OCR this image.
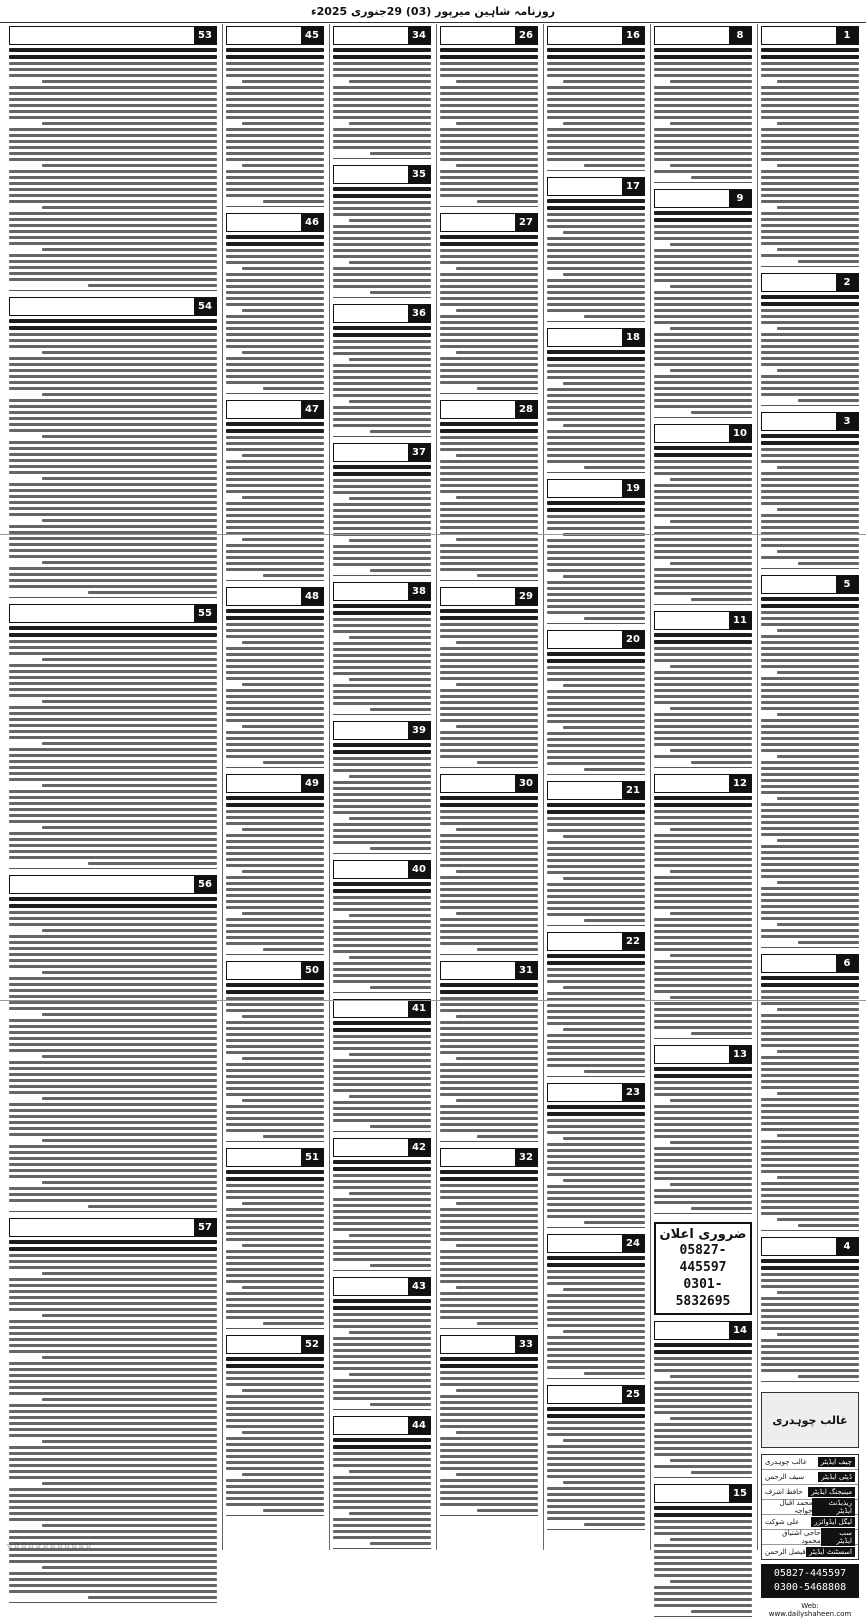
روزنامہ شاہین میرپور (03) 29جنوری 2025ء
1
2
3
5
6
4
غالب چوہدری
چیف ایڈیٹر
غالب چوہدری
ڈپٹی ایڈیٹر
سیف الرحمن
مینیجنگ ایڈیٹر
حافظ اشرف
ریذیڈنٹ ایڈیٹر
محمد اقبال خواجہ
لیگل ایڈوائزر
علی شوکت
سب ایڈیٹر
حاجی اشتیاق محمود
اسسٹنٹ ایڈیٹر
فیصل الرحمن
05827-445597
0300-5468808
Web: www.dailyshaheen.com
8
9
10
11
12
13
ضروری اعلان
05827-445597
0301-5832695
14
15
16
17
18
19
20
21
22
23
24
25
26
27
28
29
30
31
32
33
34
35
36
37
38
39
40
41
42
43
44
45
46
47
48
49
50
51
52
53
54
55
56
57
☆☆☆☆☆☆☆☆☆☆☆☆
